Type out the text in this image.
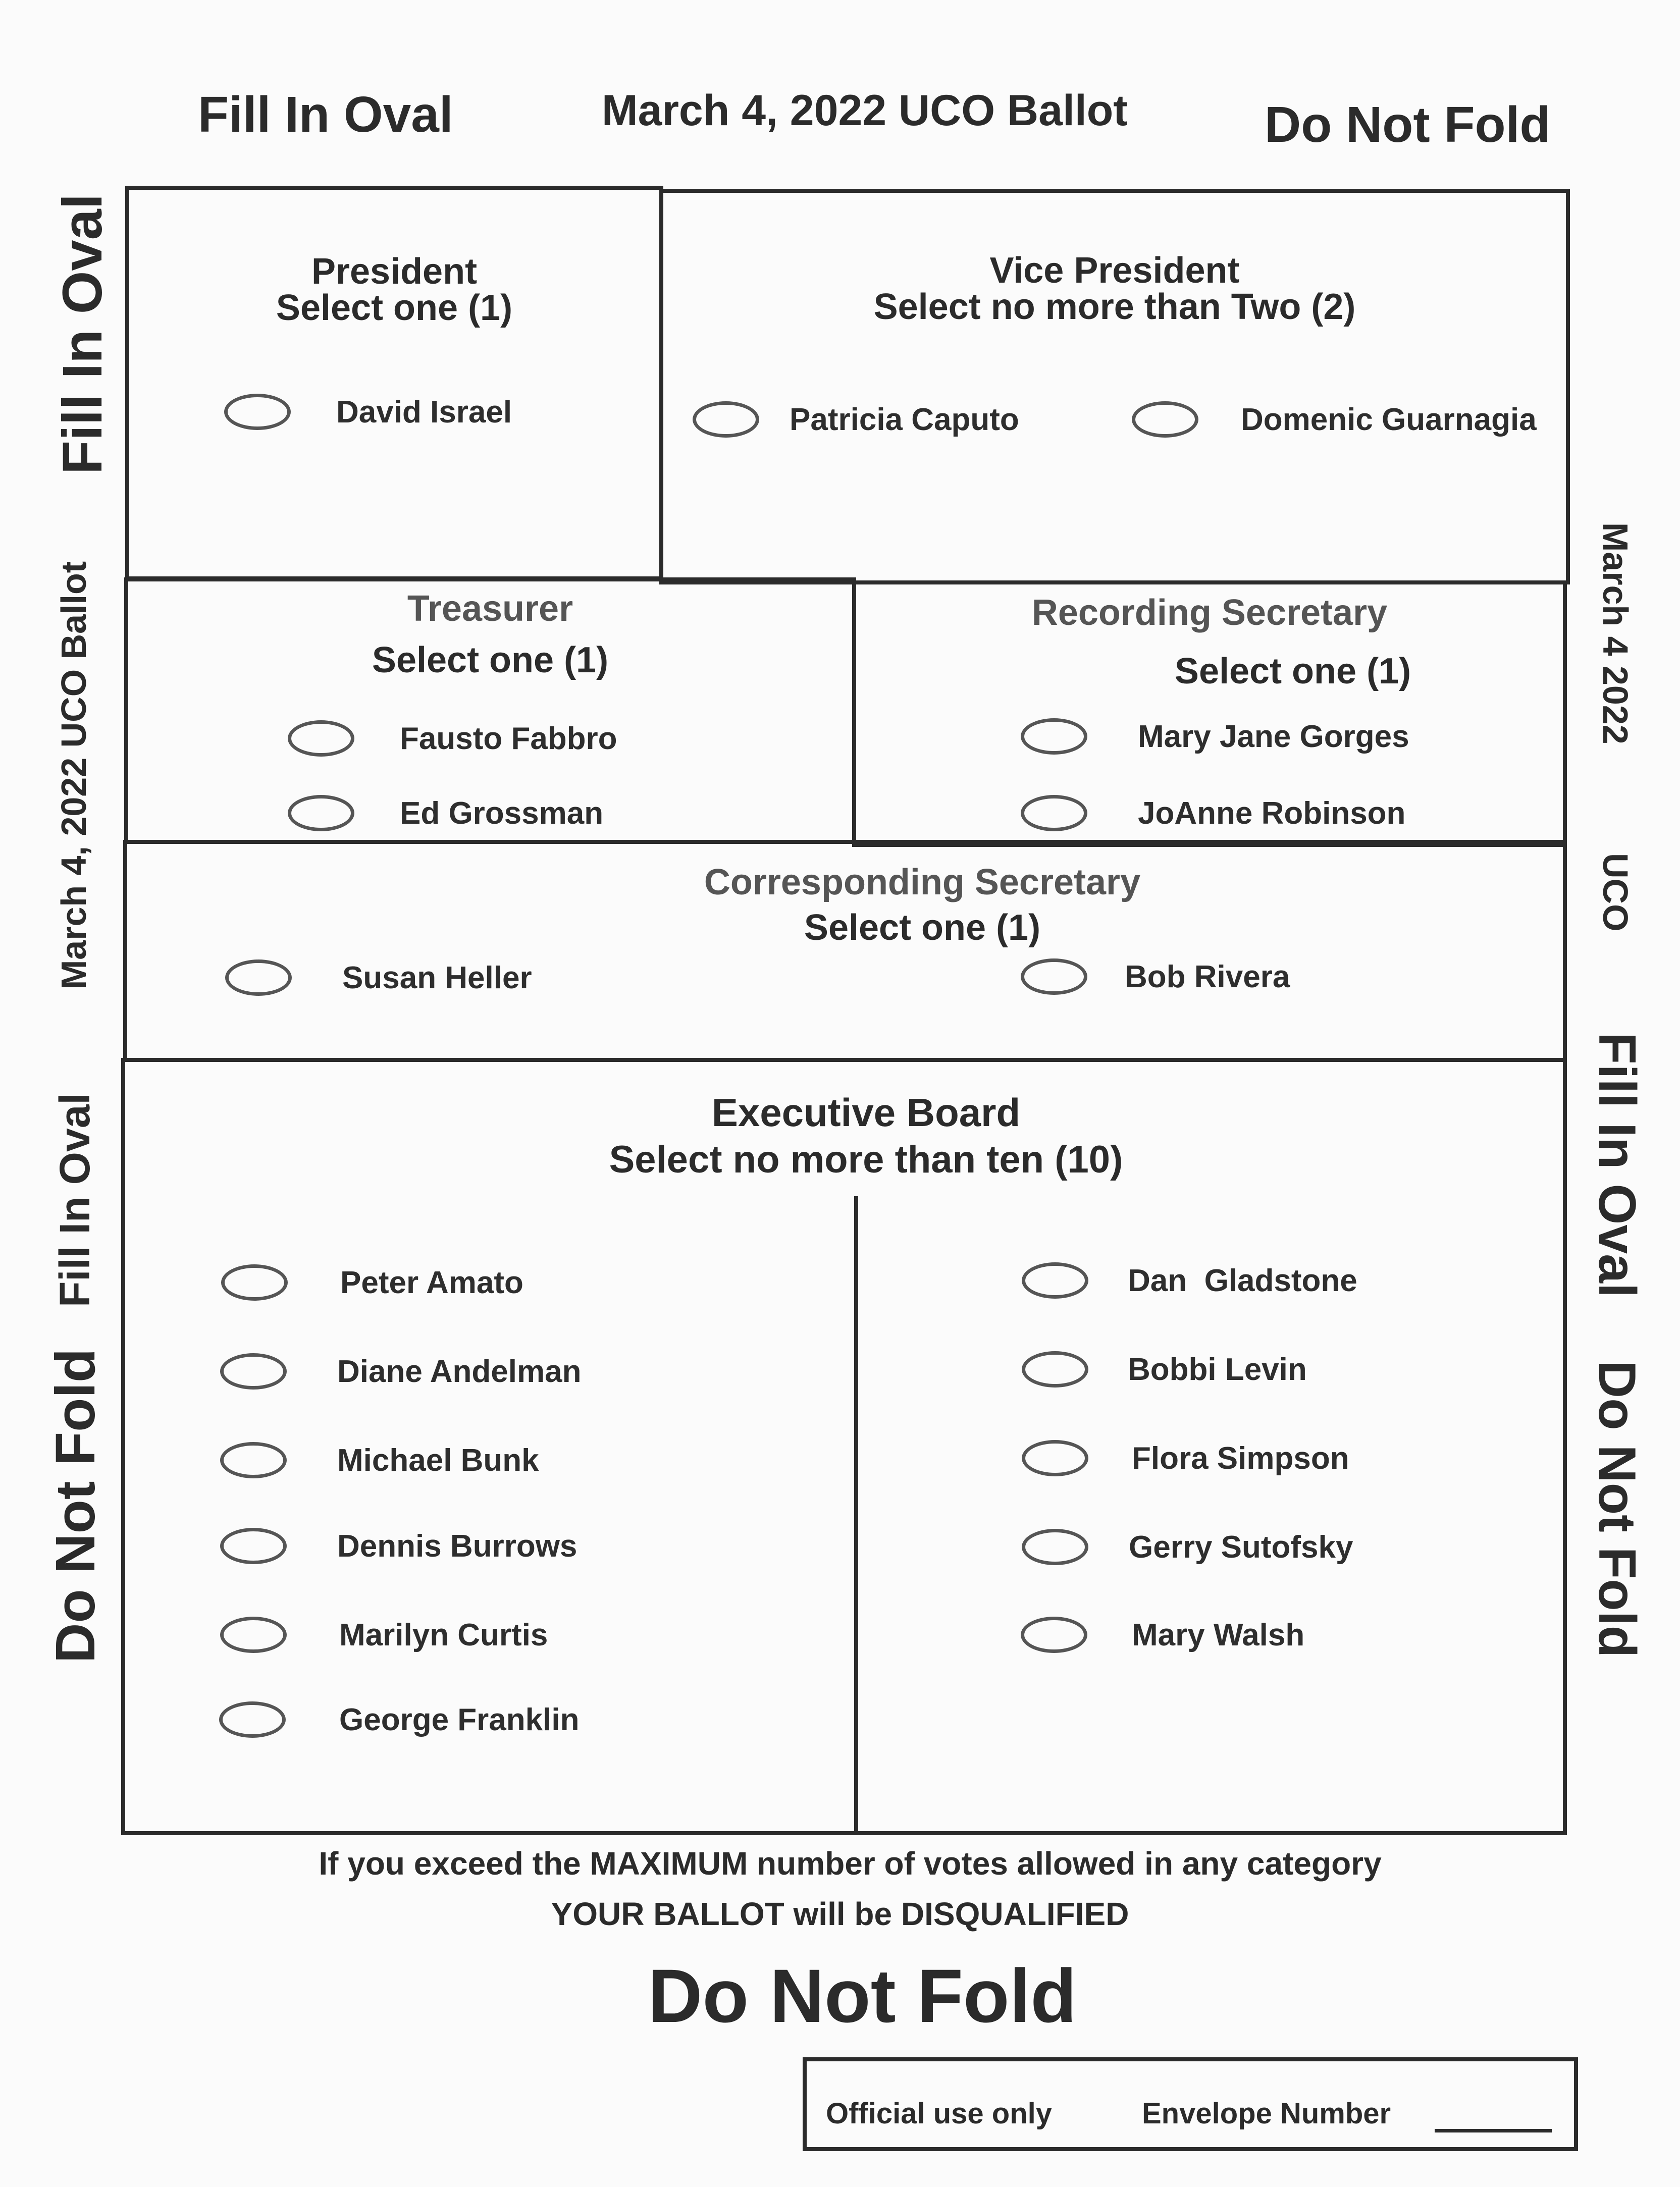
Fill In Oval	March 4, 2022 UCO Ballot	Do Not Fold
Fill In Oval
March 4, 2022 UCO Ballot
Fill In Oval
Do Not Fold
March 4 2022
UCO
Fill In Oval
Do Not Fold
President
Select one (1)
David Israel
Vice President
Select no more than Two (2)
Patricia Caputo	Domenic Guarnagia
Treasurer
Select one (1)
Fausto Fabbro
Ed Grossman
Recording Secretary
Select one (1)
Mary Jane Gorges
JoAnne Robinson
Corresponding Secretary
Select one (1)
Susan Heller	Bob Rivera
Executive Board
Select no more than ten (10)
Peter Amato
Diane Andelman
Michael Bunk
Dennis Burrows
Marilyn Curtis
George Franklin
Dan  Gladstone
Bobbi Levin
Flora Simpson
Gerry Sutofsky
Mary Walsh
If you exceed the MAXIMUM number of votes allowed in any category
YOUR BALLOT will be DISQUALIFIED
Do Not Fold
Official use only	Envelope Number
